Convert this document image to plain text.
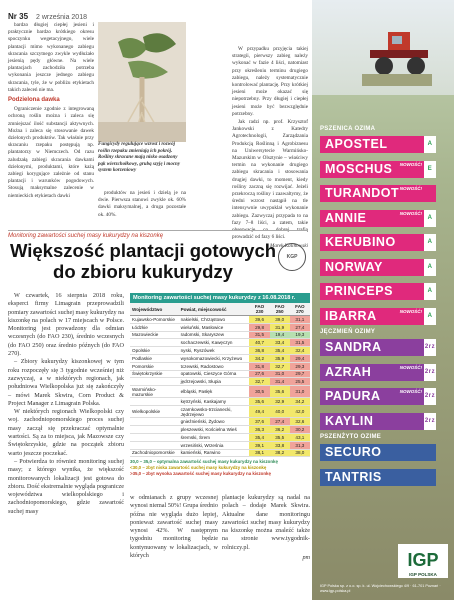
Nr 35 2 września 2018

bardzo długiej ciepłej jesieni i praktycznie bardzo krótkiego okresu spoczynku wegetacyjnego, wiele plantacji mimo wykonanego zabiegu skracania szczytnego zwykle wydłużało jesienią pędy główne. Na wiele plantacjach zachodziła potrzeba wykonania jeszcze jednego zabiegu skracania, tyle, że w pobliżu etykietach takich zaleceń nie ma.

Podzielona dawka

Ograniczenie zgodnie z integrowaną ochroną roślin można i zaleca się zmniejszać ilość substancji aktywnych. Można i zaleca się stosowanie dawek dzielonych produktów. Tak właśnie przy skracaniu rzepaku postępują np. plantatorzy w Niemczech. Od razu zaludzałą zabiegi skracania dawkami dzielonymi, produktami, które każą zabiegi korygujące zależnie od stanu plantacji i warunków pogodowych. Stosują maksymalne zalecenie w niemieckich etykietach dawki

Fungicydy regulujące wzrost i rozwój roślin rzepaku zmieniają ich pokrój. Rośliny skracane mają nisko osadzony pąk wierzchołkowy, grubą szyję i mocny system korzeniowy

produktów na jesień i dzielą je na dwie. Pierwsza stanowi zwykle ok. 60% dawki maksymalnej, a druga pozostałe ok. 40%.

W przypadku przyjęcia takiej strategii, pierwszy zabieg należy wykonać w fazie 4 liści, natomiast przy określeniu terminu drugiego zabiegu, należy systematycznie kontrolować plantację. Przy krótkiej jesieni może okazać się niepotrzebny. Przy długiej i ciepłej jesieni może być bezwzględnie potrzebny.

Jak radzi np. prof. Krzysztof Jankowski z Katedry Agrotechnologii, Zarządzania Produkcją Roślinną i Agrobiznesu na Uniwersytecie Warmińsko-Mazurskim w Olsztynie – właściwy termin na wykonanie drugiego zabiegu skracania i stosowania drugiej dawki, to moment, kiedy rośliny zaczną się rozwijać. Jeżeli przekroczą rośliny i zaawaltymy, że średni wzrost nastąpił na tle intensywnie uwypuklał wykonanie zabiegu. Zazwyczaj przypada to na fazy 7–8 liści, a zatem, takie obserwacje co dobrej trafią prowadzić od fazy 6 liści.

Marek Kalinowski
Monitoring zawartości suchej masy kukurydzy na kiszonkę
Większość plantacji gotowych do zbioru kukurydzy
KGP

W czwartek, 16 sierpnia 2018 roku, eksperci firmy Limagrain przeprowadzili pomiary zawartości suchej masy kukurydzy na kiszonkę na polach w 17 miejscach w Polsce. Monitoring jest prowadzony dla odmian wczesnych (do FAO 230), średnio wczesnych (do FAO 250) oraz średnio późnych (do FAO 270).

– Zbiory kukurydzy kiszonkowej w tym roku rozpoczęły się 3 tygodnie wcześniej niż zazwyczaj, a w niektórych regionach, jak południowa Wielkopolska już się zakończyły – mówi Marek Skwira, Corn Product & Project Manager z Limagrain Polska.

W niektórych regionach Wielkopolski czy woj. zachodniopomorskiego proces suchej masy zaczął się przekraczać optymalnie wartości. Są za to miejsca, jak Mazowsze czy Świętokrzyskie, gdzie na początek zbioru warto jeszcze poczekać.

– Potwierdza to również monitoring suchej masy; z którego wynika, że większość monitorowanych lokalizacji jest gotowa do zbioru. Dość ekstremalnie wygląda pogranicze województwa wielkopolskiego i zachodniopomorskiego, gdzie zawartość suchej masy

Monitoring zawartości suchej masy kukurydzy z 16.08.2018 r.
Województwo	Powiat, miejscowość	FAO 230	FAO 250	FAO 270
Kujawsko-Pomorskie	nakielski, Chrząstowo	39,6	39,0	31,1
Łódzkie	wieluński, Masłowice	29,8	31,9	27,4
Mazowieckie	radomski, Skaryszew	31,5	19,4	19,3
	sochaczewski, Kawęczyn	40,7	33,4	31,5
Opolskie	nyski, Ryszówek	36,8	35,4	32,4
Podlaskie	wysokomazowiecki, Krzyżewo	34,2	35,9	29,4
Pomorskie	tczewski, Radostowo	31,8	32,7	29,3
Świętokrzyskie	opatowski, Cieszyce Górna	27,6	31,0	29,7
	jędrzejowski, Słupia	32,7	31,4	25,5
Warmińsko-mazurskie	elbląski, Pasłęk	30,5	35,6	31,0
	kętrzyński, Kaskajamy	35,6	32,9	34,2
Wielkopolskie	czarnkowsko-trzcianecki, Jędrzejewo	49,4	40,0	42,0
	gnieźnieński, Żydowo	37,6	27,4	32,6
	pleszewski, Kościelna Wieś	36,3	36,2	30,2
	śremski, Śrem	35,4	35,5	43,1
	wrzesiński, Września	39,1	33,8	31,3
Zachodniopomorskie	kamieński, Rarwino	38,1	38,2	38,0
30,0 – 35,0 – optymalna zawartość suchej masy kukurydzy na kiszonkę
<30,0 – zbyt niska zawartość suchej masy kukurydzy na kiszonkę
>35,0 – zbyt wysoka zawartość suchej masy kukurydzy na kiszonkę

w odmianach z grupy wczesnej wynosi niemal 50%! Grupa średnio późna nie wygląda dużo lepiej, ponieważ zawartość suchej masy wynosi 42%. W następnym tygodniu monitoring będzie kontynuowany w lokalizacjach, w których

plantacje kukurydzy są nadal na polach – dodaje Marek Skwira. Aktualne dane monitoringu zawartości suchej masy kukurydzy na kiszonkę można znaleźć także na stronie www.tygodnik-rolniczy.pl.

pm
PSZENICA OZIMA
APOSTEL	A
MOSCHUS NOWOŚĆ!
E
TURANDOT NOWOŚĆ!
ANNIE	NOWOŚĆ!
A
KERUBINO	A
NORWAY	A
PRINCEPS	A
IBARRA	NOWOŚĆ!
A
JĘCZMIEŃ OZIMY
SANDRA	2rz
AZRAH	NOWOŚĆ!
2rz
PADURA	NOWOŚĆ!
2rz
KAYLIN	2rz
PSZENŻYTO OZIME
SECURO
TANTRIS
IGP
IGP POLSKA
IGP Polska sp. z o.o. sp. k. ul. Wojciechowskiego 4/9 · 61-701 Poznań · www.igp-polska.pl
